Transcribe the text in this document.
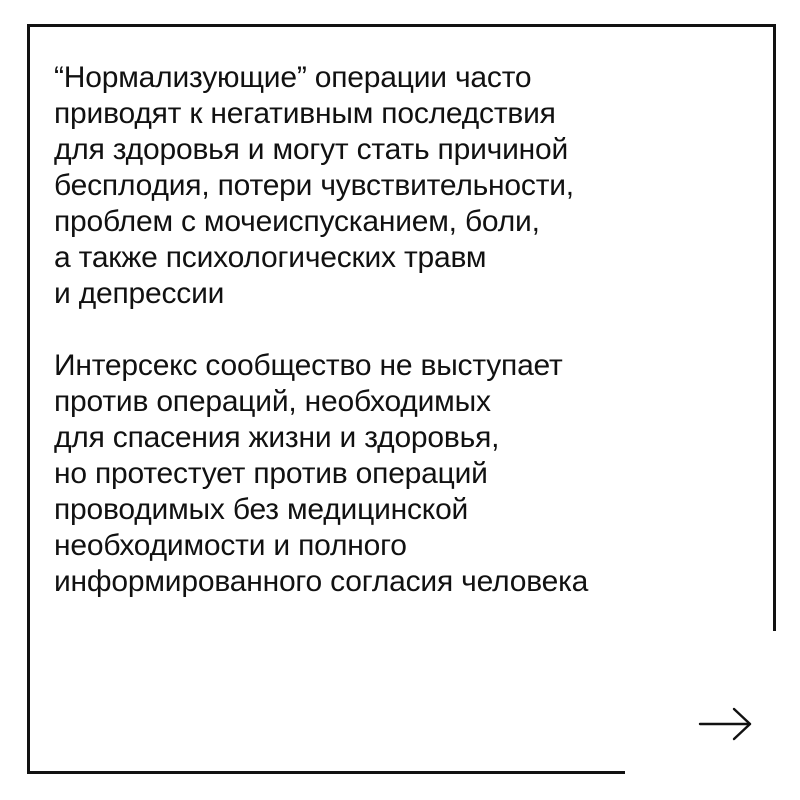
“Нормализующие” операции часто
приводят к негативным последствия
для здоровья и могут стать причиной
бесплодия, потери чувствительности,
проблем с мочеиспусканием, боли,
а также психологических травм
и депрессии

Интерсекс сообщество не выступает
против операций, необходимых
для спасения жизни и здоровья,
но протестует против операций
проводимых без медицинской
необходимости и полного
информированного согласия человека
